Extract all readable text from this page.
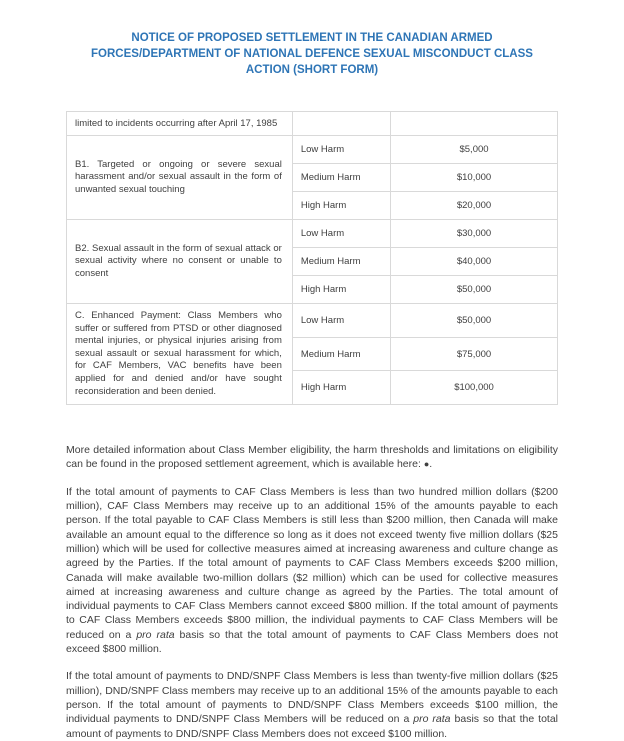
NOTICE OF PROPOSED SETTLEMENT IN THE CANADIAN ARMED
FORCES/DEPARTMENT OF NATIONAL DEFENCE SEXUAL MISCONDUCT CLASS
ACTION (SHORT FORM)
limited to incidents occurring after April 17, 1985		
B1. Targeted or ongoing or severe sexual harassment and/or sexual assault in the form of unwanted sexual touching	Low Harm	$5,000
	Medium Harm	$10,000
	High Harm	$20,000
B2. Sexual assault in the form of sexual attack or sexual activity where no consent or unable to consent	Low Harm	$30,000
	Medium Harm	$40,000
	High Harm	$50,000
C. Enhanced Payment: Class Members who suffer or suffered from PTSD or other diagnosed mental injuries, or physical injuries arising from sexual assault or sexual harassment for which, for CAF Members, VAC benefits have been applied for and denied and/or have sought reconsideration and been denied.	Low Harm	$50,000
	Medium Harm	$75,000
	High Harm	$100,000

More detailed information about Class Member eligibility, the harm thresholds and limitations on eligibility can be found in the proposed settlement agreement, which is available here: ●.

If the total amount of payments to CAF Class Members is less than two hundred million dollars ($200 million), CAF Class Members may receive up to an additional 15% of the amounts payable to each person. If the total payable to CAF Class Members is still less than $200 million, then Canada will make available an amount equal to the difference so long as it does not exceed twenty five million dollars ($25 million) which will be used for collective measures aimed at increasing awareness and culture change as agreed by the Parties. If the total amount of payments to CAF Class Members exceeds $200 million, Canada will make available two-million dollars ($2 million) which can be used for collective measures aimed at increasing awareness and culture change as agreed by the Parties. The total amount of individual payments to CAF Class Members cannot exceed $800 million. If the total amount of payments to CAF Class Members exceeds $800 million, the individual payments to CAF Class Members will be reduced on a pro rata basis so that the total amount of payments to CAF Class Members does not exceed $800 million.

If the total amount of payments to DND/SNPF Class Members is less than twenty-five million dollars ($25 million), DND/SNPF Class members may receive up to an additional 15% of the amounts payable to each person. If the total amount of payments to DND/SNPF Class Members exceeds $100 million, the individual payments to DND/SNPF Class Members will be reduced on a pro rata basis so that the total amount of payments to DND/SNPF Class Members does not exceed $100 million.
